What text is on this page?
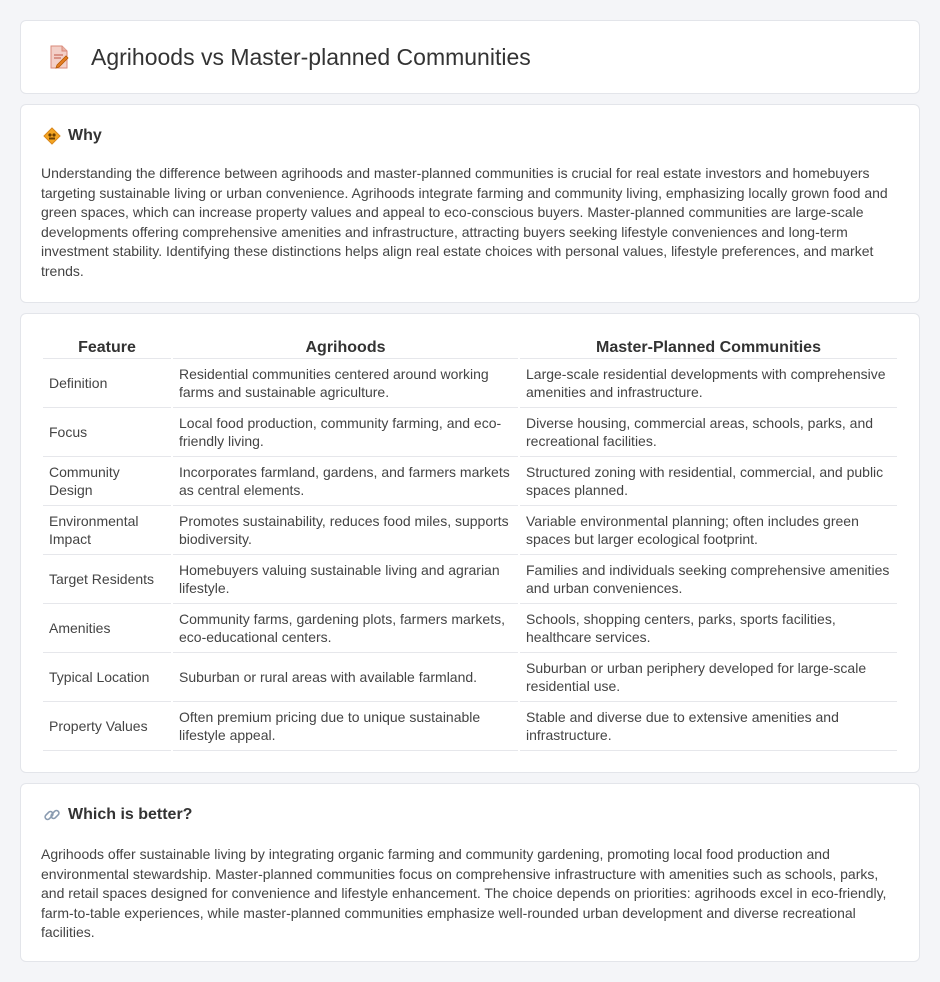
Agrihoods vs Master-planned Communities
Why

Understanding the difference between agrihoods and master-planned communities is crucial for real estate investors and homebuyers targeting sustainable living or urban convenience. Agrihoods integrate farming and community living, emphasizing locally grown food and green spaces, which can increase property values and appeal to eco-conscious buyers. Master-planned communities are large-scale developments offering comprehensive amenities and infrastructure, attracting buyers seeking lifestyle conveniences and long-term investment stability. Identifying these distinctions helps align real estate choices with personal values, lifestyle preferences, and market trends.

Feature	Agrihoods	Master-Planned Communities
Definition	Residential communities centered around working farms and sustainable agriculture.	Large-scale residential developments with comprehensive amenities and infrastructure.
Focus	Local food production, community farming, and eco-friendly living.	Diverse housing, commercial areas, schools, parks, and recreational facilities.
Community Design	Incorporates farmland, gardens, and farmers markets as central elements.	Structured zoning with residential, commercial, and public spaces planned.
Environmental Impact	Promotes sustainability, reduces food miles, supports biodiversity.	Variable environmental planning; often includes green spaces but larger ecological footprint.
Target Residents	Homebuyers valuing sustainable living and agrarian lifestyle.	Families and individuals seeking comprehensive amenities and urban conveniences.
Amenities	Community farms, gardening plots, farmers markets, eco-educational centers.	Schools, shopping centers, parks, sports facilities, healthcare services.
Typical Location	Suburban or rural areas with available farmland.	Suburban or urban periphery developed for large-scale residential use.
Property Values	Often premium pricing due to unique sustainable lifestyle appeal.	Stable and diverse due to extensive amenities and infrastructure.
Which is better?

Agrihoods offer sustainable living by integrating organic farming and community gardening, promoting local food production and environmental stewardship. Master-planned communities focus on comprehensive infrastructure with amenities such as schools, parks, and retail spaces designed for convenience and lifestyle enhancement. The choice depends on priorities: agrihoods excel in eco-friendly, farm-to-table experiences, while master-planned communities emphasize well-rounded urban development and diverse recreational facilities.
